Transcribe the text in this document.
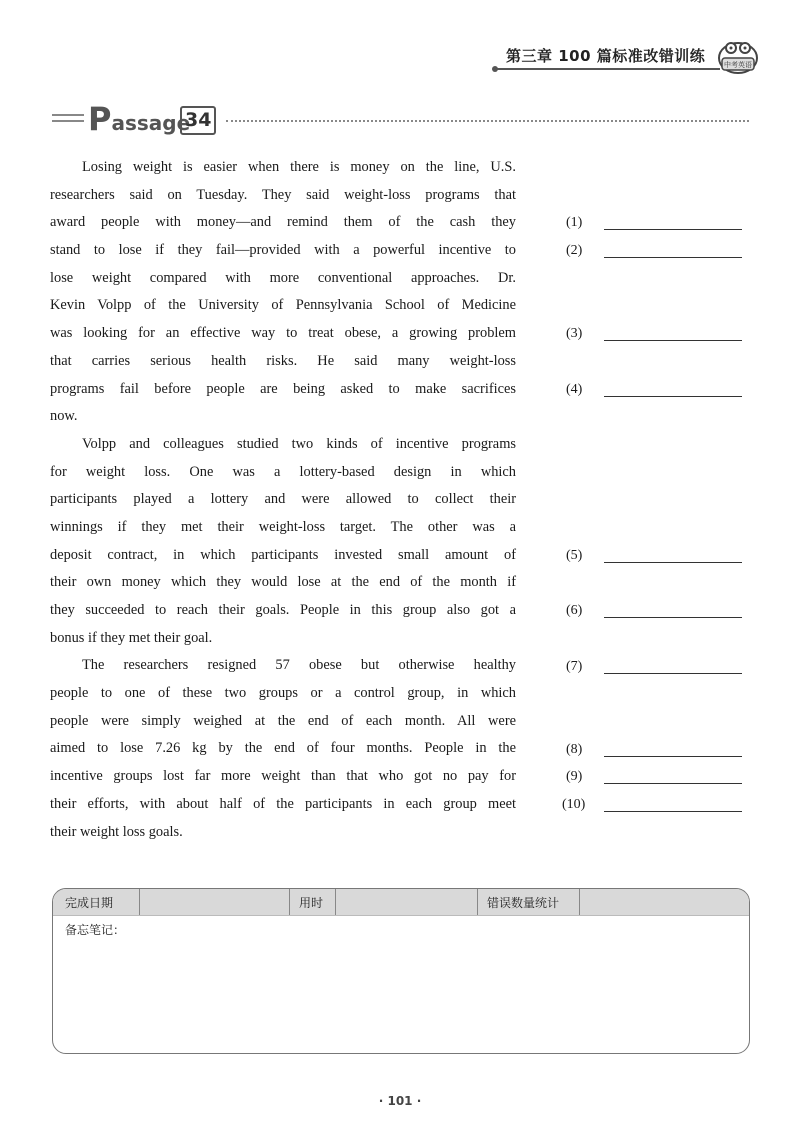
第三章 100 篇标准改错训练	中考英语
Passage
34
Losing weight is easier when there is money on the line, U.S.
researchers said on Tuesday. They said weight-loss programs that
award people with money—and remind them of the cash they
stand to lose if they fail—provided with a powerful incentive to
lose weight compared with more conventional approaches. Dr.
Kevin Volpp of the University of Pennsylvania School of Medicine
was looking for an effective way to treat obese, a growing problem
that carries serious health risks. He said many weight-loss
programs fail before people are being asked to make sacrifices
now.
Volpp and colleagues studied two kinds of incentive programs
for weight loss. One was a lottery-based design in which
participants played a lottery and were allowed to collect their
winnings if they met their weight-loss target. The other was a
deposit contract, in which participants invested small amount of
their own money which they would lose at the end of the month if
they succeeded to reach their goals. People in this group also got a
bonus if they met their goal.
The researchers resigned 57 obese but otherwise healthy
people to one of these two groups or a control group, in which
people were simply weighed at the end of each month. All were
aimed to lose 7.26 kg by the end of four months. People in the
incentive groups lost far more weight than that who got no pay for
their efforts, with about half of the participants in each group meet
their weight loss goals.
(1)
(2)
(3)
(4)
(5)
(6)
(7)
(8)
(9)
(10)
完成日期	用时	错误数量统计
备忘笔记：
· 101 ·
